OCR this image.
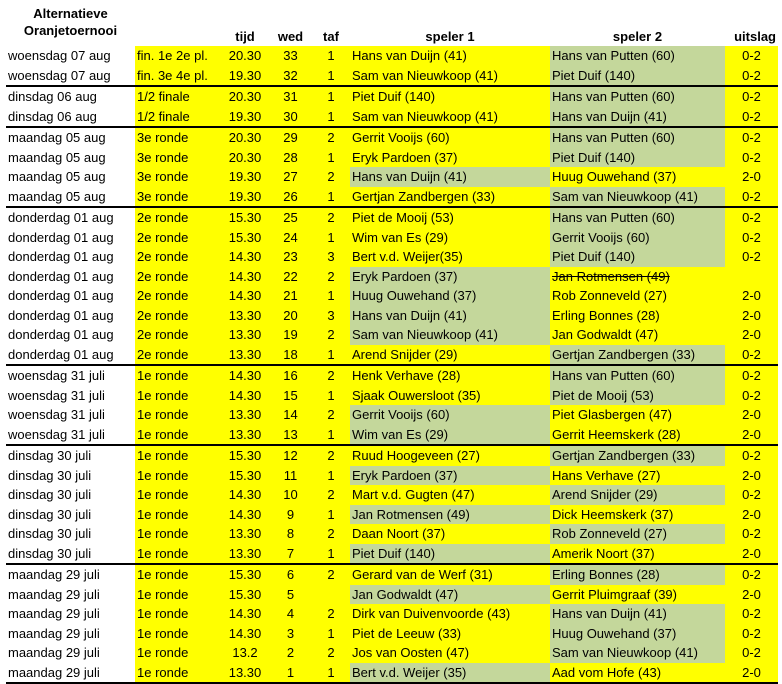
Alternatieve
Oranjetoernooi		tijd	wed	taf	speler 1	speler 2	uitslag
woensdag 07 aug	fin. 1e 2e pl.	20.30	33	1	Hans van Duijn (41)	Hans van Putten (60)	0-2
woensdag 07 aug	fin. 3e 4e pl.	19.30	32	1	Sam van Nieuwkoop (41)	Piet Duif (140)	0-2
dinsdag 06 aug	1/2 finale	20.30	31	1	Piet Duif (140)	Hans van Putten (60)	0-2
dinsdag 06 aug	1/2 finale	19.30	30	1	Sam van Nieuwkoop (41)	Hans van Duijn (41)	0-2
maandag 05 aug	3e ronde	20.30	29	2	Gerrit Vooijs (60)	Hans van Putten (60)	0-2
maandag 05 aug	3e ronde	20.30	28	1	Eryk Pardoen (37)	Piet Duif (140)	0-2
maandag 05 aug	3e ronde	19.30	27	2	Hans van Duijn (41)	Huug Ouwehand (37)	2-0
maandag 05 aug	3e ronde	19.30	26	1	Gertjan Zandbergen (33)	Sam van Nieuwkoop (41)	0-2
donderdag 01 aug	2e ronde	15.30	25	2	Piet de Mooij (53)	Hans van Putten (60)	0-2
donderdag 01 aug	2e ronde	15.30	24	1	Wim van Es (29)	Gerrit Vooijs (60)	0-2
donderdag 01 aug	2e ronde	14.30	23	3	Bert v.d. Weijer(35)	Piet Duif (140)	0-2
donderdag 01 aug	2e ronde	14.30	22	2	Eryk Pardoen (37)	Jan Rotmensen (49)	
donderdag 01 aug	2e ronde	14.30	21	1	Huug Ouwehand (37)	Rob Zonneveld (27)	2-0
donderdag 01 aug	2e ronde	13.30	20	3	Hans van Duijn (41)	Erling Bonnes (28)	2-0
donderdag 01 aug	2e ronde	13.30	19	2	Sam van Nieuwkoop (41)	Jan Godwaldt (47)	2-0
donderdag 01 aug	2e ronde	13.30	18	1	Arend Snijder (29)	Gertjan Zandbergen (33)	0-2
woensdag 31 juli	1e ronde	14.30	16	2	Henk Verhave (28)	Hans van Putten (60)	0-2
woensdag 31 juli	1e ronde	14.30	15	1	Sjaak Ouwersloot (35)	Piet de Mooij (53)	0-2
woensdag 31 juli	1e ronde	13.30	14	2	Gerrit Vooijs (60)	Piet Glasbergen (47)	2-0
woensdag 31 juli	1e ronde	13.30	13	1	Wim van Es (29)	Gerrit Heemskerk (28)	2-0
dinsdag 30 juli	1e ronde	15.30	12	2	Ruud Hoogeveen (27)	Gertjan Zandbergen (33)	0-2
dinsdag 30 juli	1e ronde	15.30	11	1	Eryk Pardoen (37)	Hans Verhave (27)	2-0
dinsdag 30 juli	1e ronde	14.30	10	2	Mart v.d. Gugten (47)	Arend Snijder (29)	0-2
dinsdag 30 juli	1e ronde	14.30	9	1	Jan Rotmensen (49)	Dick Heemskerk (37)	2-0
dinsdag 30 juli	1e ronde	13.30	8	2	Daan Noort (37)	Rob Zonneveld (27)	0-2
dinsdag 30 juli	1e ronde	13.30	7	1	Piet Duif (140)	Amerik Noort (37)	2-0
maandag 29 juli	1e ronde	15.30	6	2	Gerard van de Werf (31)	Erling Bonnes (28)	0-2
maandag 29 juli	1e ronde	15.30	5		Jan Godwaldt (47)	Gerrit Pluimgraaf (39)	2-0
maandag 29 juli	1e ronde	14.30	4	2	Dirk van Duivenvoorde (43)	Hans van Duijn (41)	0-2
maandag 29 juli	1e ronde	14.30	3	1	Piet de Leeuw (33)	Huug Ouwehand (37)	0-2
maandag 29 juli	1e ronde	13.2	2	2	Jos van Oosten (47)	Sam van Nieuwkoop (41)	0-2
maandag 29 juli	1e ronde	13.30	1	1	Bert v.d. Weijer (35)	Aad vom Hofe (43)	2-0
